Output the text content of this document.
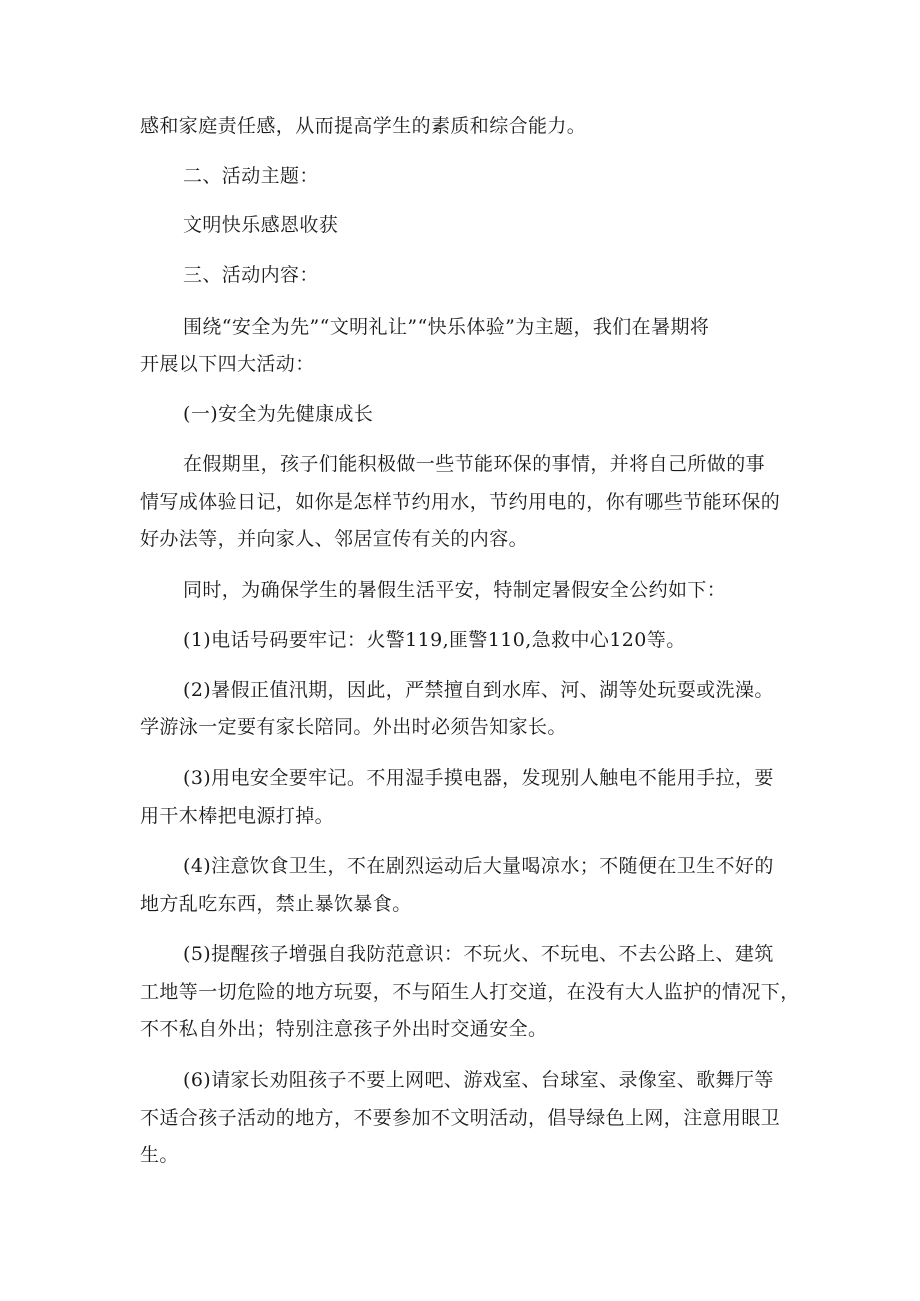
感和家庭责任感，从而提高学生的素质和综合能力。
二、活动主题：
文明快乐感恩收获
三、活动内容：
围绕“安全为先”“文明礼让”“快乐体验”为主题，我们在暑期将
开展以下四大活动：
(一)安全为先健康成长
在假期里，孩子们能积极做一些节能环保的事情，并将自己所做的事
情写成体验日记，如你是怎样节约用水，节约用电的，你有哪些节能环保的
好办法等，并向家人、邻居宣传有关的内容。
同时，为确保学生的暑假生活平安，特制定暑假安全公约如下：
(1)电话号码要牢记：火警119,匪警110,急救中心120等。
(2)暑假正值汛期，因此，严禁擅自到水库、河、湖等处玩耍或洗澡。
学游泳一定要有家长陪同。外出时必须告知家长。
(3)用电安全要牢记。不用湿手摸电器，发现别人触电不能用手拉，要
用干木棒把电源打掉。
(4)注意饮食卫生，不在剧烈运动后大量喝凉水；不随便在卫生不好的
地方乱吃东西，禁止暴饮暴食。
(5)提醒孩子增强自我防范意识：不玩火、不玩电、不去公路上、建筑
工地等一切危险的地方玩耍，不与陌生人打交道，在没有大人监护的情况下，
不不私自外出；特别注意孩子外出时交通安全。
(6)请家长劝阻孩子不要上网吧、游戏室、台球室、录像室、歌舞厅等
不适合孩子活动的地方，不要参加不文明活动，倡导绿色上网，注意用眼卫
生。
